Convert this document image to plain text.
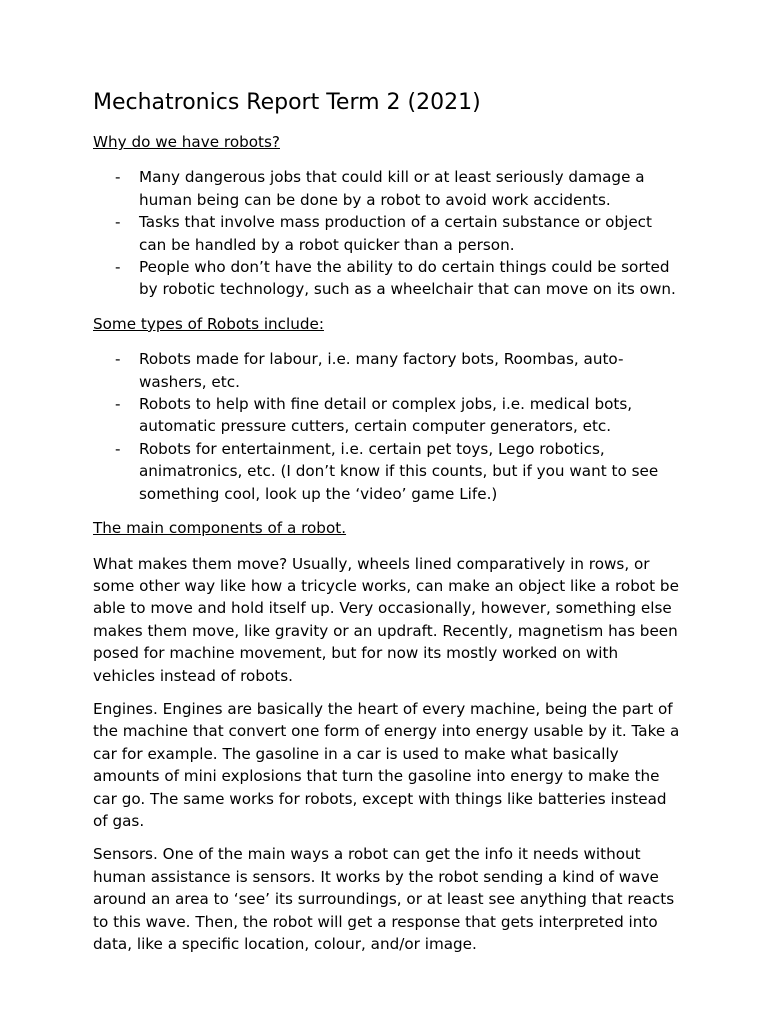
Mechatronics Report Term 2 (2021)
Why do we have robots?
- Many dangerous jobs that could kill or at least seriously damage a human being can be done by a robot to avoid work accidents.
- Tasks that involve mass production of a certain substance or object can be handled by a robot quicker than a person.
- People who don’t have the ability to do certain things could be sorted by robotic technology, such as a wheelchair that can move on its own.
Some types of Robots include:
- Robots made for labour, i.e. many factory bots, Roombas, auto-washers, etc.
- Robots to help with fine detail or complex jobs, i.e. medical bots, automatic pressure cutters, certain computer generators, etc.
- Robots for entertainment, i.e. certain pet toys, Lego robotics, animatronics, etc. (I don’t know if this counts, but if you want to see something cool, look up the ‘video’ game Life.)
The main components of a robot.

What makes them move? Usually, wheels lined comparatively in rows, or some other way like how a tricycle works, can make an object like a robot be able to move and hold itself up. Very occasionally, however, something else makes them move, like gravity or an updraft. Recently, magnetism has been posed for machine movement, but for now its mostly worked on with vehicles instead of robots.

Engines. Engines are basically the heart of every machine, being the part of the machine that convert one form of energy into energy usable by it. Take a car for example. The gasoline in a car is used to make what basically amounts of mini explosions that turn the gasoline into energy to make the car go. The same works for robots, except with things like batteries instead of gas.

Sensors. One of the main ways a robot can get the info it needs without human assistance is sensors. It works by the robot sending a kind of wave around an area to ‘see’ its surroundings, or at least see anything that reacts to this wave. Then, the robot will get a response that gets interpreted into data, like a specific location, colour, and/or image.
